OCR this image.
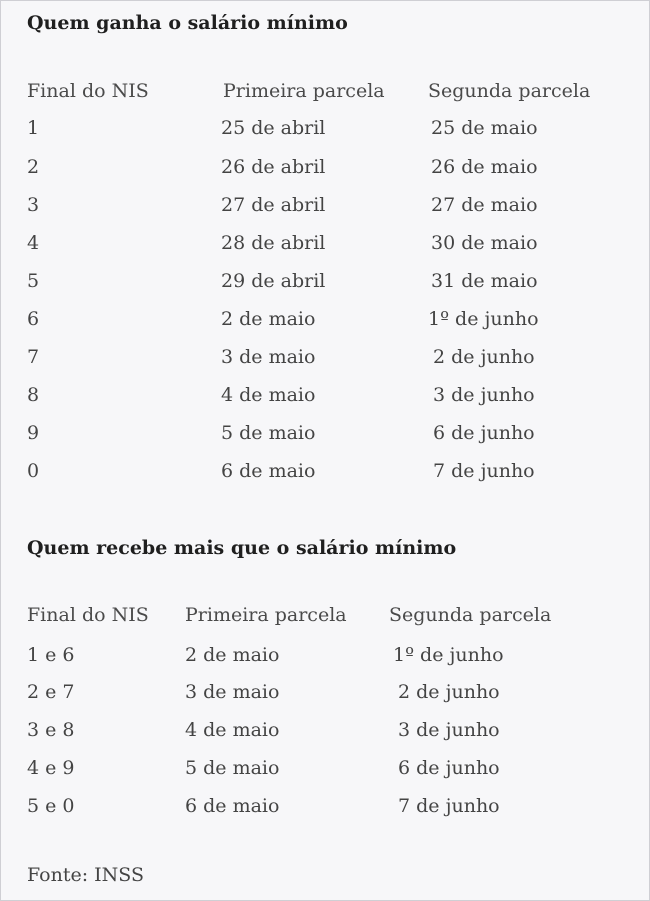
Quem ganha o salário mínimo
Final do NIS	Primeira parcela Segunda parcela
1	25 de abril	25 de maio
2	26 de abril	26 de maio
3	27 de abril	27 de maio
4	28 de abril	30 de maio
5	29 de abril	31 de maio
6	2 de maio	1º de junho
7	3 de maio	2 de junho
8	4 de maio	3 de junho
9	5 de maio	6 de junho
0	6 de maio	7 de junho
Quem recebe mais que o salário mínimo
Final do NIS Primeira parcela Segunda parcela
1 e 6	2 de maio	1º de junho
2 e 7	3 de maio	2 de junho
3 e 8	4 de maio	3 de junho
4 e 9	5 de maio	6 de junho
5 e 0	6 de maio	7 de junho
Fonte: INSS
